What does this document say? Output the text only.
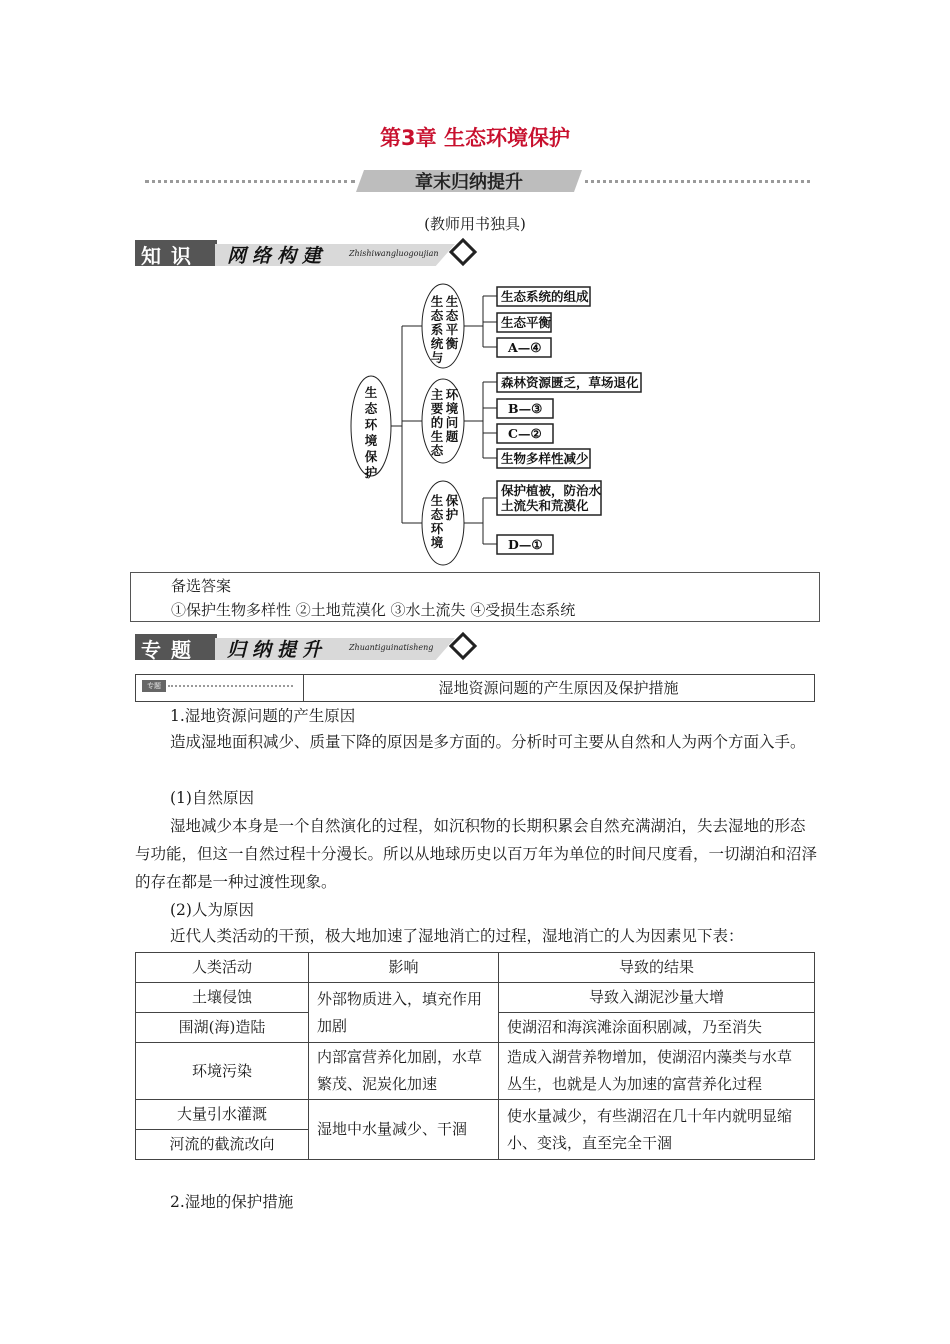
第3章 生态环境保护
章末归纳提升
(教师用书独具)
知识 网络构建	Zhishiwangluogoujian
生态环境保护
生态平衡生态系统与
环境问题主要的生态
保护生态环境
生态系统的组成
生态平衡
A—④
森林资源匮乏，草场退化
B—③
C—②
生物多样性减少
保护植被，防治水土流失和荒漠化
D—①
备选答案
①保护生物多样性 ②土地荒漠化 ③水土流失 ④受损生态系统
专题 归纳提升	Zhuantiguinatisheng
专题	湿地资源问题的产生原因及保护措施
1.湿地资源问题的产生原因
造成湿地面积减少、质量下降的原因是多方面的。分析时可主要从自然和人为两个方面入手。
(1)自然原因
湿地减少本身是一个自然演化的过程，如沉积物的长期积累会自然充满湖泊，失去湿地的形态与功能，但这一自然过程十分漫长。所以从地球历史以百万年为单位的时间尺度看，一切湖泊和沼泽的存在都是一种过渡性现象。
(2)人为原因
近代人类活动的干预，极大地加速了湿地消亡的过程，湿地消亡的人为因素见下表：
人类活动	影响	导致的结果
土壤侵蚀	外部物质进入，填充作用加剧	导致入湖泥沙量大增
围湖(海)造陆		使湖沼和海滨滩涂面积剧减，乃至消失
环境污染	内部富营养化加剧，水草繁茂、泥炭化加速	造成入湖营养物增加，使湖沼内藻类与水草丛生，也就是人为加速的富营养化过程
大量引水灌溉	湿地中水量减少、干涸	使水量减少，有些湖沼在几十年内就明显缩小、变浅，直至完全干涸
河流的截流改向		
2.湿地的保护措施
